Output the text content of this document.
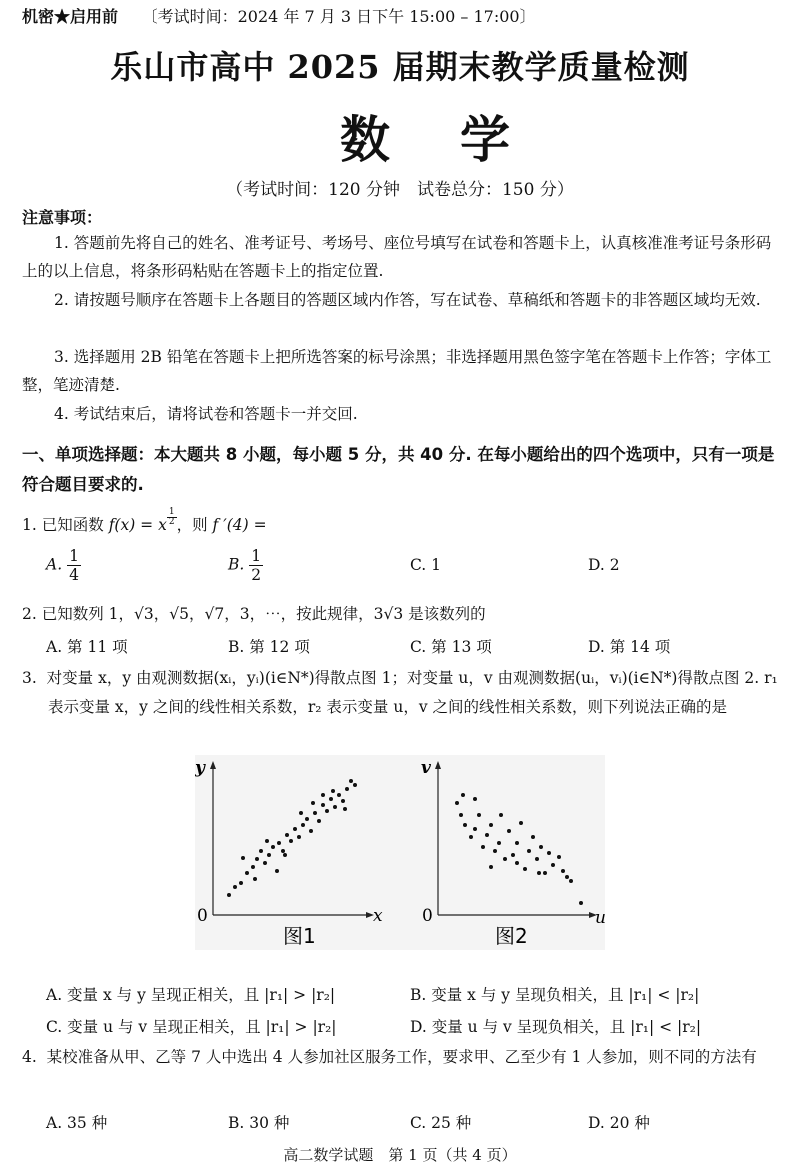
机密★启用前 〔考试时间：2024 年 7 月 3 日下午 15:00 – 17:00〕
乐山市高中 2025 届期末教学质量检测
数学
（考试时间：120 分钟　试卷总分：150 分）
注意事项：
1. 答题前先将自己的姓名、准考证号、考场号、座位号填写在试卷和答题卡上，认真核准准考证号条形码上的以上信息，将条形码粘贴在答题卡上的指定位置.
2. 请按题号顺序在答题卡上各题目的答题区域内作答，写在试卷、草稿纸和答题卡的非答题区域均无效.
3. 选择题用 2B 铅笔在答题卡上把所选答案的标号涂黑；非选择题用黑色签字笔在答题卡上作答；字体工整，笔迹清楚.
4. 考试结束后，请将试卷和答题卡一并交回.
一、单项选择题：本大题共 8 小题，每小题 5 分，共 40 分. 在每小题给出的四个选项中，只有一项是符合题目要求的.
1. 已知函数 f(x) = x $^{\frac{1}{2}}$ ，则 f ′(4) =
A. $\frac{1}{4}$	B. $\frac{1}{2}$	C. 1	D. 2
2. 已知数列 1，√3，√5，√7，3，⋯，按此规律，3√3 是该数列的
A. 第 11 项	B. 第 12 项	C. 第 13 项	D. 第 14 项
3. 对变量 x，y 由观测数据(xᵢ，yᵢ)(i∈N*)得散点图 1；对变量 u，v 由观测数据(uᵢ，vᵢ)(i∈N*)得散点图 2. r₁ 表示变量 x，y 之间的线性相关系数，r₂ 表示变量 u，v 之间的线性相关系数，则下列说法正确的是
y
x
0
图1
v
u
0
图2
A. 变量 x 与 y 呈现正相关，且 |r₁| > |r₂|	B. 变量 x 与 y 呈现负相关，且 |r₁| < |r₂|
C. 变量 u 与 v 呈现正相关，且 |r₁| > |r₂|	D. 变量 u 与 v 呈现负相关，且 |r₁| < |r₂|
4. 某校准备从甲、乙等 7 人中选出 4 人参加社区服务工作，要求甲、乙至少有 1 人参加，则不同的方法有
A. 35 种	B. 30 种	C. 25 种	D. 20 种
高二数学试题　第 1 页（共 4 页）
